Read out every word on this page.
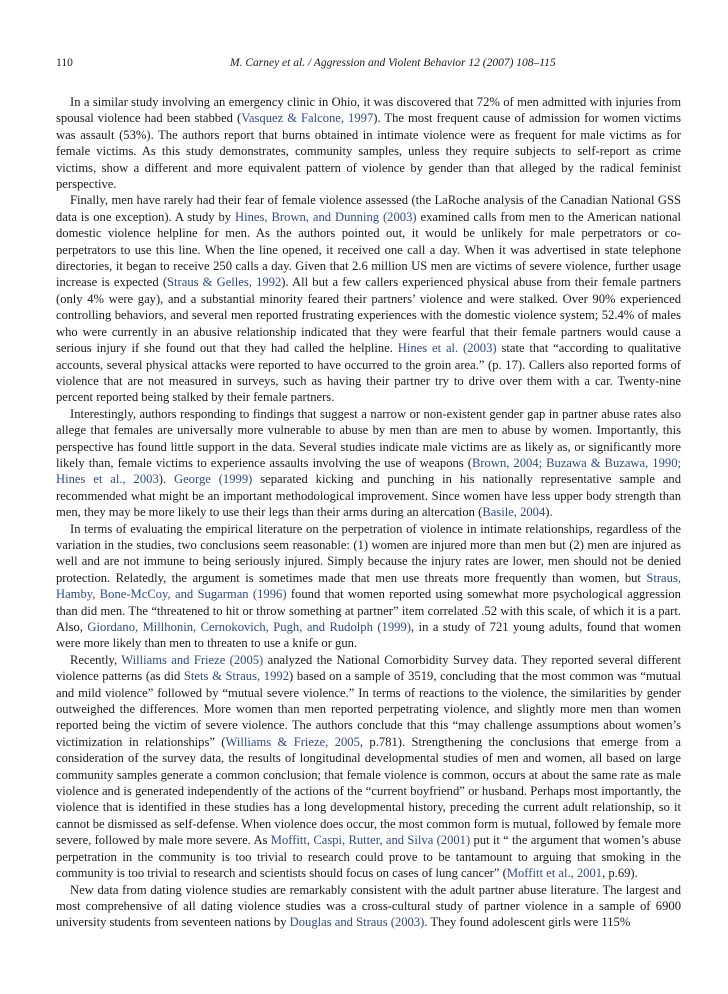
110	M. Carney et al. / Aggression and Violent Behavior 12 (2007) 108–115

In a similar study involving an emergency clinic in Ohio, it was discovered that 72% of men admitted with injuries from spousal violence had been stabbed (Vasquez & Falcone, 1997). The most frequent cause of admission for women victims was assault (53%). The authors report that burns obtained in intimate violence were as frequent for male victims as for female victims. As this study demonstrates, community samples, unless they require subjects to self-report as crime victims, show a different and more equivalent pattern of violence by gender than that alleged by the radical feminist perspective.

Finally, men have rarely had their fear of female violence assessed (the LaRoche analysis of the Canadian National GSS data is one exception). A study by Hines, Brown, and Dunning (2003) examined calls from men to the American national domestic violence helpline for men. As the authors pointed out, it would be unlikely for male perpetrators or co-perpetrators to use this line. When the line opened, it received one call a day. When it was advertised in state telephone directories, it began to receive 250 calls a day. Given that 2.6 million US men are victims of severe violence, further usage increase is expected (Straus & Gelles, 1992). All but a few callers experienced physical abuse from their female partners (only 4% were gay), and a substantial minority feared their partners’ violence and were stalked. Over 90% experienced controlling behaviors, and several men reported frustrating experiences with the domestic violence system; 52.4% of males who were currently in an abusive relationship indicated that they were fearful that their female partners would cause a serious injury if she found out that they had called the helpline. Hines et al. (2003) state that “according to qualitative accounts, several physical attacks were reported to have occurred to the groin area.” (p. 17). Callers also reported forms of violence that are not measured in surveys, such as having their partner try to drive over them with a car. Twenty-nine percent reported being stalked by their female partners.

Interestingly, authors responding to findings that suggest a narrow or non-existent gender gap in partner abuse rates also allege that females are universally more vulnerable to abuse by men than are men to abuse by women. Importantly, this perspective has found little support in the data. Several studies indicate male victims are as likely as, or significantly more likely than, female victims to experience assaults involving the use of weapons (Brown, 2004; Buzawa & Buzawa, 1990; Hines et al., 2003). George (1999) separated kicking and punching in his nationally representative sample and recommended what might be an important methodological improvement. Since women have less upper body strength than men, they may be more likely to use their legs than their arms during an altercation (Basile, 2004).

In terms of evaluating the empirical literature on the perpetration of violence in intimate relationships, regardless of the variation in the studies, two conclusions seem reasonable: (1) women are injured more than men but (2) men are injured as well and are not immune to being seriously injured. Simply because the injury rates are lower, men should not be denied protection. Relatedly, the argument is sometimes made that men use threats more frequently than women, but Straus, Hamby, Bone-McCoy, and Sugarman (1996) found that women reported using somewhat more psychological aggression than did men. The “threatened to hit or throw something at partner” item correlated .52 with this scale, of which it is a part. Also, Giordano, Millhonin, Cernokovich, Pugh, and Rudolph (1999), in a study of 721 young adults, found that women were more likely than men to threaten to use a knife or gun.

Recently, Williams and Frieze (2005) analyzed the National Comorbidity Survey data. They reported several different violence patterns (as did Stets & Straus, 1992) based on a sample of 3519, concluding that the most common was “mutual and mild violence” followed by “mutual severe violence.” In terms of reactions to the violence, the similarities by gender outweighed the differences. More women than men reported perpetrating violence, and slightly more men than women reported being the victim of severe violence. The authors conclude that this “may challenge assumptions about women’s victimization in relationships” (Williams & Frieze, 2005, p.781). Strengthening the conclusions that emerge from a consideration of the survey data, the results of longitudinal developmental studies of men and women, all based on large community samples generate a common conclusion; that female violence is common, occurs at about the same rate as male violence and is generated independently of the actions of the “current boyfriend” or husband. Perhaps most importantly, the violence that is identified in these studies has a long developmental history, preceding the current adult relationship, so it cannot be dismissed as self-defense. When violence does occur, the most common form is mutual, followed by female more severe, followed by male more severe. As Moffitt, Caspi, Rutter, and Silva (2001) put it “ the argument that women’s abuse perpetration in the community is too trivial to research could prove to be tantamount to arguing that smoking in the community is too trivial to research and scientists should focus on cases of lung cancer” (Moffitt et al., 2001, p.69).

New data from dating violence studies are remarkably consistent with the adult partner abuse literature. The largest and most comprehensive of all dating violence studies was a cross-cultural study of partner violence in a sample of 6900 university students from seventeen nations by Douglas and Straus (2003). They found adolescent girls were 115%
